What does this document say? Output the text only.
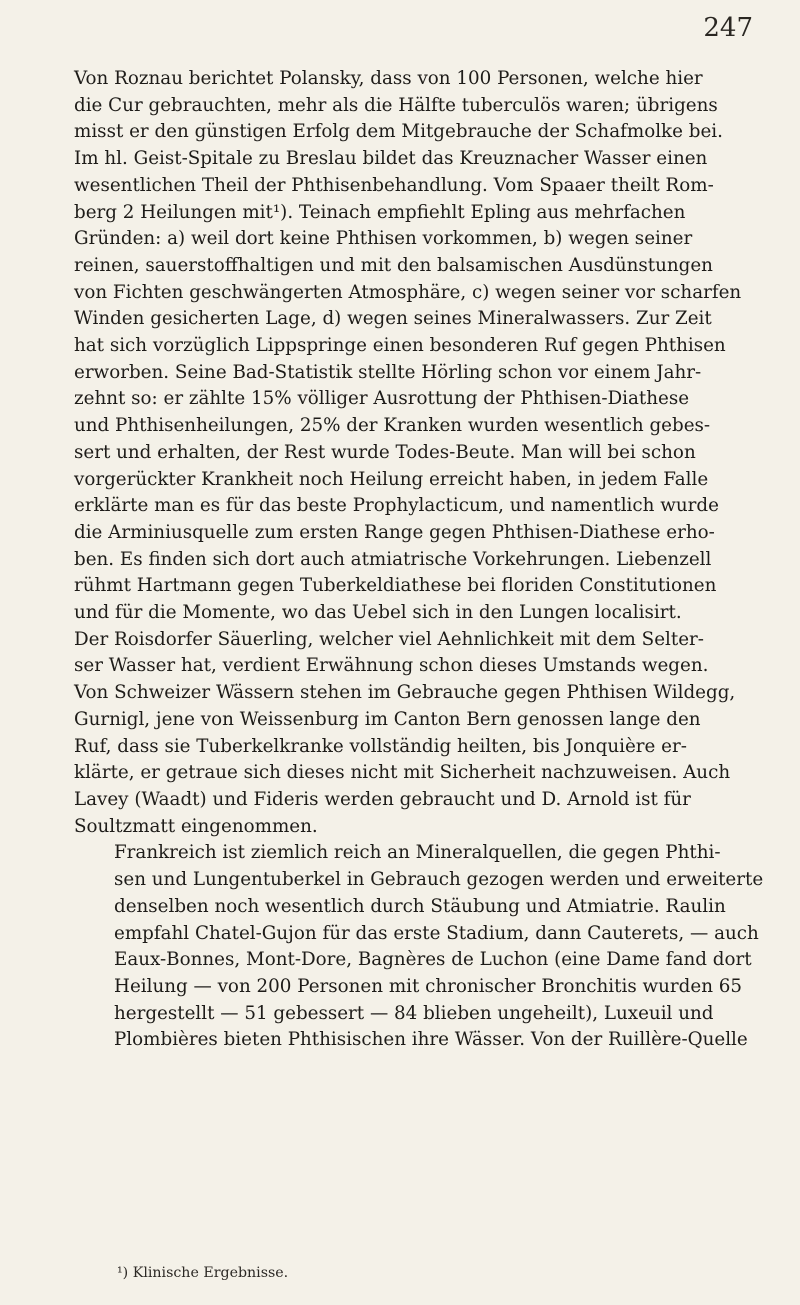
247

Von Roznau berichtet Polansky, dass von 100 Personen, welche hier
die Cur gebrauchten, mehr als die Hälfte tuberculös waren; übrigens
misst er den günstigen Erfolg dem Mitgebrauche der Schafmolke bei.
Im hl. Geist-Spitale zu Breslau bildet das Kreuznacher Wasser einen
wesentlichen Theil der Phthisenbehandlung. Vom Spaaer theilt Rom-
berg 2 Heilungen mit¹). Teinach empfiehlt Epling aus mehrfachen
Gründen: a) weil dort keine Phthisen vorkommen, b) wegen seiner
reinen, sauerstoffhaltigen und mit den balsamischen Ausdünstungen
von Fichten geschwängerten Atmosphäre, c) wegen seiner vor scharfen
Winden gesicherten Lage, d) wegen seines Mineralwassers. Zur Zeit
hat sich vorzüglich Lippspringe einen besonderen Ruf gegen Phthisen
erworben. Seine Bad-Statistik stellte Hörling schon vor einem Jahr-
zehnt so: er zählte 15% völliger Ausrottung der Phthisen-Diathese
und Phthisenheilungen, 25% der Kranken wurden wesentlich gebes-
sert und erhalten, der Rest wurde Todes-Beute. Man will bei schon
vorgerückter Krankheit noch Heilung erreicht haben, in jedem Falle
erklärte man es für das beste Prophylacticum, und namentlich wurde
die Arminiusquelle zum ersten Range gegen Phthisen-Diathese erho-
ben. Es finden sich dort auch atmiatrische Vorkehrungen. Liebenzell
rühmt Hartmann gegen Tuberkeldiathese bei floriden Constitutionen
und für die Momente, wo das Uebel sich in den Lungen localisirt.
Der Roisdorfer Säuerling, welcher viel Aehnlichkeit mit dem Selter-
ser Wasser hat, verdient Erwähnung schon dieses Umstands wegen.
Von Schweizer Wässern stehen im Gebrauche gegen Phthisen Wildegg,
Gurnigl, jene von Weissenburg im Canton Bern genossen lange den
Ruf, dass sie Tuberkelkranke vollständig heilten, bis Jonquière er-
klärte, er getraue sich dieses nicht mit Sicherheit nachzuweisen. Auch
Lavey (Waadt) und Fideris werden gebraucht und D. Arnold ist für
Soultzmatt eingenommen.

Frankreich ist ziemlich reich an Mineralquellen, die gegen Phthi-
sen und Lungentuberkel in Gebrauch gezogen werden und erweiterte
denselben noch wesentlich durch Stäubung und Atmiatrie. Raulin
empfahl Chatel-Gujon für das erste Stadium, dann Cauterets, — auch
Eaux-Bonnes, Mont-Dore, Bagnères de Luchon (eine Dame fand dort
Heilung — von 200 Personen mit chronischer Bronchitis wurden 65
hergestellt — 51 gebessert — 84 blieben ungeheilt), Luxeuil und
Plombières bieten Phthisischen ihre Wässer. Von der Ruillère-Quelle

¹) Klinische Ergebnisse.
